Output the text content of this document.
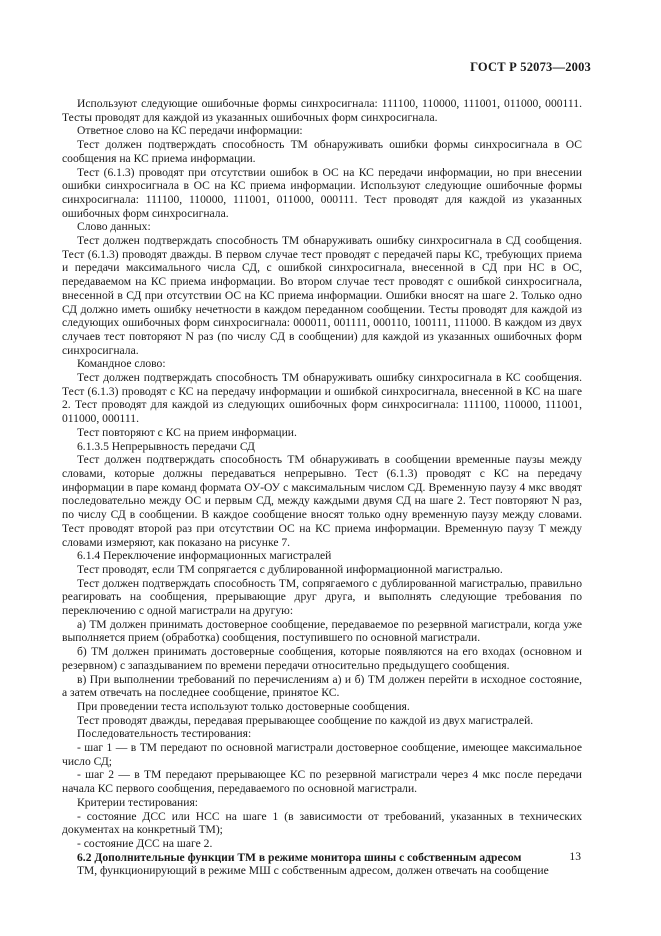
ГОСТ Р 52073—2003

Используют следующие ошибочные формы синхросигнала: 111100, 110000, 111001, 011000, 000111. Тесты проводят для каждой из указанных ошибочных форм синхросигнала.

Ответное слово на КС передачи информации:

Тест должен подтверждать способность ТМ обнаруживать ошибки формы синхросигнала в ОС сообщения на КС приема информации.

Тест (6.1.3) проводят при отсутствии ошибок в ОС на КС передачи информации, но при внесении ошибки синхросигнала в ОС на КС приема информации. Используют следующие ошибочные формы синхросигнала: 111100, 110000, 111001, 011000, 000111. Тест проводят для каждой из указанных ошибочных форм синхросигнала.

Слово данных:

Тест должен подтверждать способность ТМ обнаруживать ошибку синхросигнала в СД сообщения. Тест (6.1.3) проводят дважды. В первом случае тест проводят с передачей пары КС, требующих приема и передачи максимального числа СД, с ошибкой синхросигнала, внесенной в СД при НС в ОС, передаваемом на КС приема информации. Во втором случае тест проводят с ошибкой синхросигнала, внесенной в СД при отсутствии ОС на КС приема информации. Ошибки вносят на шаге 2. Только одно СД должно иметь ошибку нечетности в каждом переданном сообщении. Тесты проводят для каждой из следующих ошибочных форм синхросигнала: 000011, 001111, 000110, 100111, 111000. В каждом из двух случаев тест повторяют N раз (по числу СД в сообщении) для каждой из указанных ошибочных форм синхросигнала.

Командное слово:

Тест должен подтверждать способность ТМ обнаруживать ошибку синхросигнала в КС сообщения. Тест (6.1.3) проводят с КС на передачу информации и ошибкой синхросигнала, внесенной в КС на шаге 2. Тест проводят для каждой из следующих ошибочных форм синхросигнала: 111100, 110000, 111001, 011000, 000111.

Тест повторяют с КС на прием информации.

6.1.3.5 Непрерывность передачи СД

Тест должен подтверждать способность ТМ обнаруживать в сообщении временные паузы между словами, которые должны передаваться непрерывно. Тест (6.1.3) проводят с КС на передачу информации в паре команд формата ОУ-ОУ с максимальным числом СД. Временную паузу 4 мкс вводят последовательно между ОС и первым СД, между каждыми двумя СД на шаге 2. Тест повторяют N раз, по числу СД в сообщении. В каждое сообщение вносят только одну временную паузу между словами. Тест проводят второй раз при отсутствии ОС на КС приема информации. Временную паузу T между словами измеряют, как показано на рисунке 7.

6.1.4 Переключение информационных магистралей

Тест проводят, если ТМ сопрягается с дублированной информационной магистралью.

Тест должен подтверждать способность ТМ, сопрягаемого с дублированной магистралью, правильно реагировать на сообщения, прерывающие друг друга, и выполнять следующие требования по переключению с одной магистрали на другую:

а) ТМ должен принимать достоверное сообщение, передаваемое по резервной магистрали, когда уже выполняется прием (обработка) сообщения, поступившего по основной магистрали.

б) ТМ должен принимать достоверные сообщения, которые появляются на его входах (основном и резервном) с запаздыванием по времени передачи относительно предыдущего сообщения.

в) При выполнении требований по перечислениям а) и б) ТМ должен перейти в исходное состояние, а затем отвечать на последнее сообщение, принятое КС.

При проведении теста используют только достоверные сообщения.

Тест проводят дважды, передавая прерывающее сообщение по каждой из двух магистралей.

Последовательность тестирования:

- шаг 1 — в ТМ передают по основной магистрали достоверное сообщение, имеющее максимальное число СД;

- шаг 2 — в ТМ передают прерывающее КС по резервной магистрали через 4 мкс после передачи начала КС первого сообщения, передаваемого по основной магистрали.

Критерии тестирования:

- состояние ДСС или НСС на шаге 1 (в зависимости от требований, указанных в технических документах на конкретный ТМ);

- состояние ДСС на шаге 2.

6.2 Дополнительные функции ТМ в режиме монитора шины с собственным адресом

ТМ, функционирующий в режиме МШ с собственным адресом, должен отвечать на сообщение

13
